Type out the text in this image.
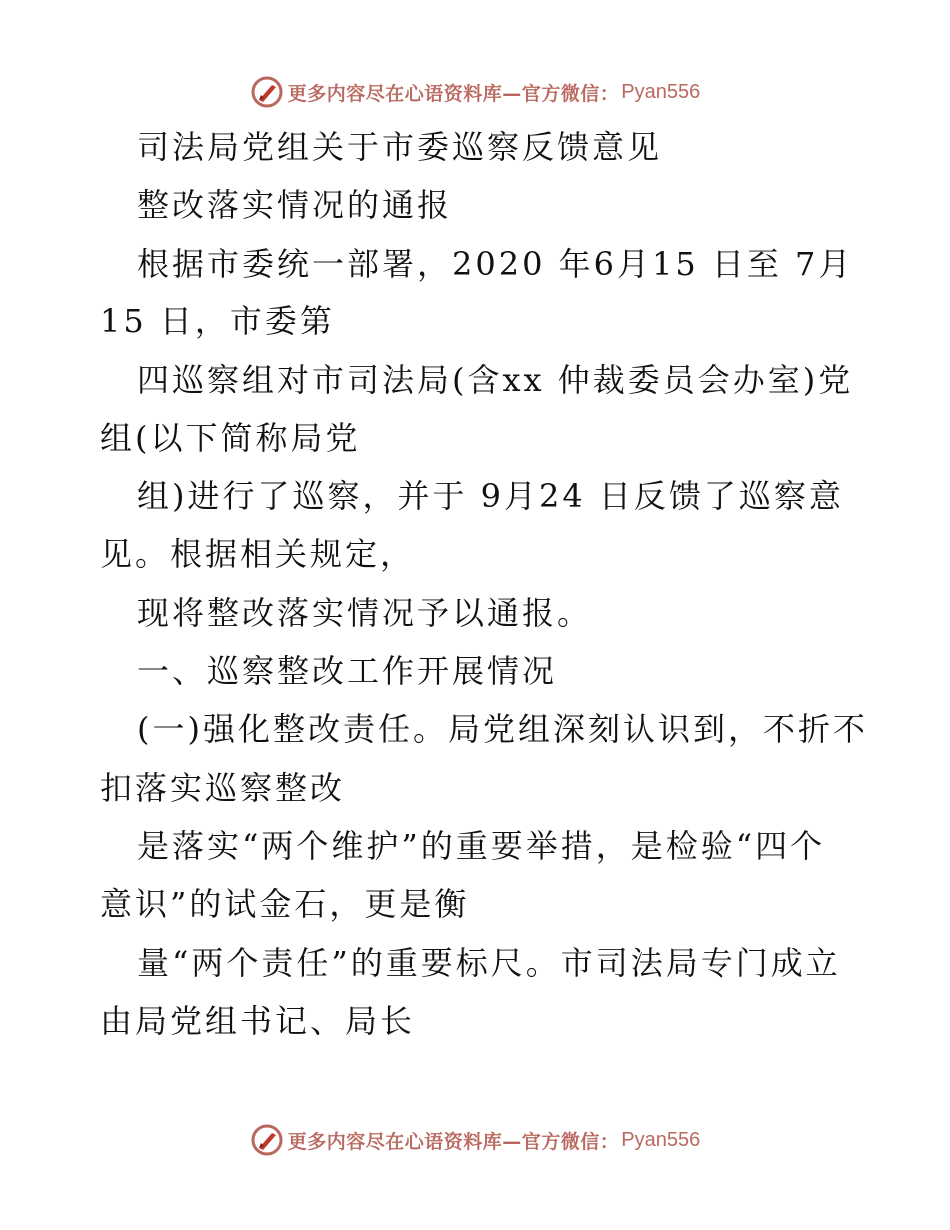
更多内容尽在心语资料库—官方微信： Pyan556
司法局党组关于市委巡察反馈意见
整改落实情况的通报
根据市委统一部署，2020 年6月15 日至 7月
15 日，市委第
四巡察组对市司法局(含xx 仲裁委员会办室)党
组(以下简称局党
组)进行了巡察，并于 9月24 日反馈了巡察意
见。根据相关规定，
现将整改落实情况予以通报。
一、巡察整改工作开展情况
(一)强化整改责任。局党组深刻认识到，不折不
扣落实巡察整改
是落实“两个维护”的重要举措，是检验“四个
意识”的试金石，更是衡
量“两个责任”的重要标尺。市司法局专门成立
由局党组书记、局长
更多内容尽在心语资料库—官方微信： Pyan556
